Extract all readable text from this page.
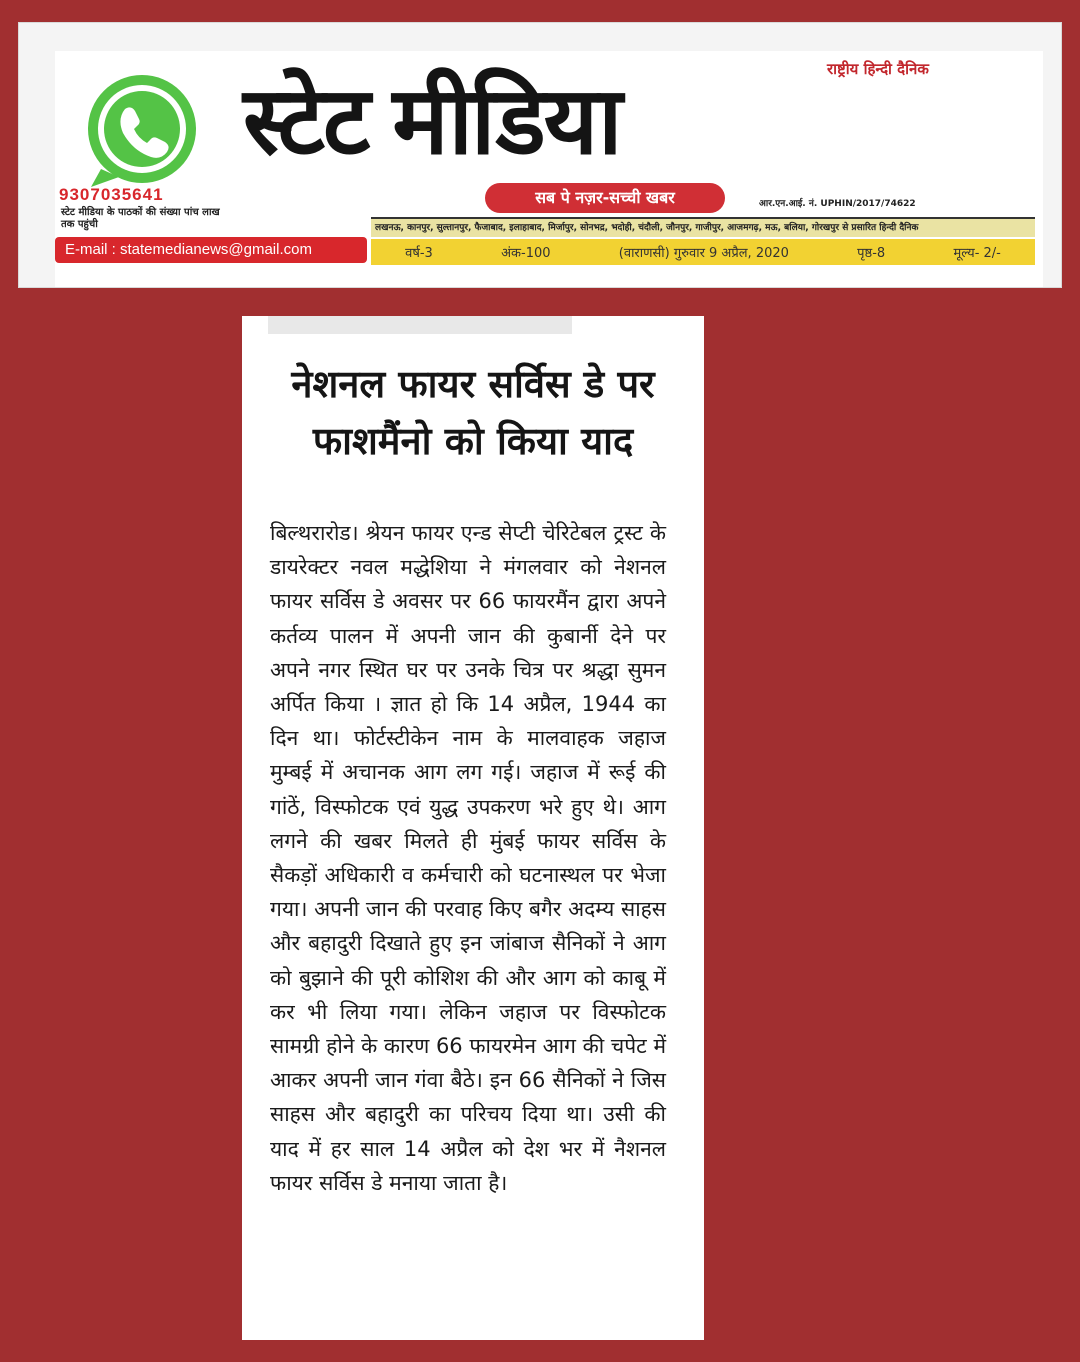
9307035641
स्टेट मीडिया के पाठकों की संख्या पांच लाख तक पहुंची
E-mail : statemedianews@gmail.com
राष्ट्रीय हिन्दी दैनिक
स्टेट मीडिया
सब पे नज़र-सच्ची खबर	आर.एन.आई. नं. UPHIN/2017/74622
लखनऊ, कानपुर, सुल्तानपुर, फैजाबाद, इलाहाबाद, मिर्जापुर, सोनभद्र, भदोही, चंदौली, जौनपुर, गाजीपुर, आजमगढ़, मऊ, बलिया, गोरखपुर से प्रसारित हिन्दी दैनिक
वर्ष-3	अंक-100	(वाराणसी) गुरुवार 9 अप्रैल, 2020	पृष्ठ-8	मूल्य- 2/-
नेशनल फायर सर्विस डे पर फाशमैंनो को किया याद

बिल्थरारोड। श्रेयन फायर एन्ड सेप्टी चेरिटेबल ट्रस्ट के डायरेक्टर नवल मद्धेशिया ने मंगलवार को नेशनल फायर सर्विस डे अवसर पर 66 फायरमैंन द्वारा अपने कर्तव्य पालन में अपनी जान की कुबार्नी देने पर अपने नगर स्थित घर पर उनके चित्र पर श्रद्धा सुमन अर्पित किया । ज्ञात हो कि 14 अप्रैल, 1944 का दिन था। फोर्टस्टीकेन नाम के मालवाहक जहाज मुम्बई में अचानक आग लग गई। जहाज में रूई की गांठें, विस्फोटक एवं युद्ध उपकरण भरे हुए थे। आग लगने की खबर मिलते ही मुंबई फायर सर्विस के सैकड़ों अधिकारी व कर्मचारी को घटनास्थल पर भेजा गया। अपनी जान की परवाह किए बगैर अदम्य साहस और बहादुरी दिखाते हुए इन जांबाज सैनिकों ने आग को बुझाने की पूरी कोशिश की और आग को काबू में कर भी लिया गया। लेकिन जहाज पर विस्फोटक सामग्री होने के कारण 66 फायरमेन आग की चपेट में आकर अपनी जान गंवा बैठे। इन 66 सैनिकों ने जिस साहस और बहादुरी का परिचय दिया था। उसी की याद में हर साल 14 अप्रैल को देश भर में नैशनल फायर सर्विस डे मनाया जाता है।
